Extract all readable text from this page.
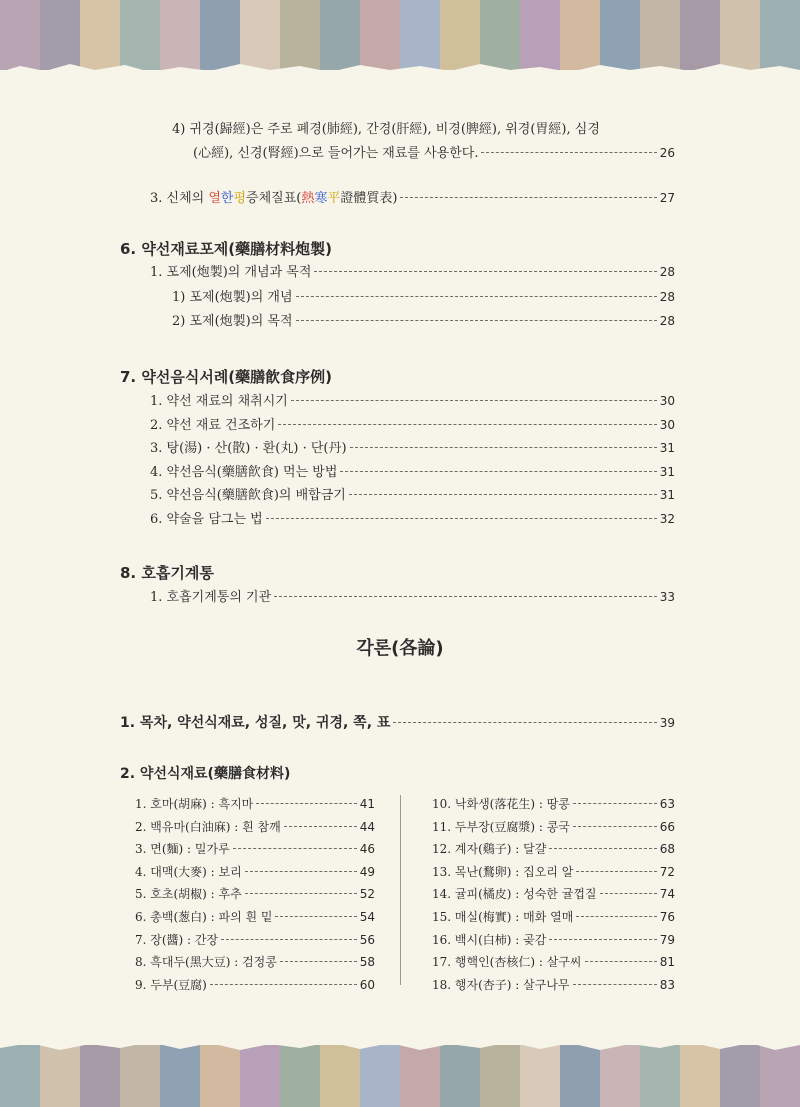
4) 귀경(歸經)은 주로 폐경(肺經), 간경(肝經), 비경(脾經), 위경(胃經), 심경
(心經), 신경(腎經)으로 들어가는 재료를 사용한다.	26
3. 신체의 열한평증체질표(熱寒平證體質表)	27
6. 약선재료포제(藥膳材料炮製)
1. 포제(炮製)의 개념과 목적	28
1) 포제(炮製)의 개념	28
2) 포제(炮製)의 목적	28
7. 약선음식서례(藥膳飮食序例)
1. 약선 재료의 채취시기	30
2. 약선 재료 건조하기	30
3. 탕(湯) · 산(散) · 환(丸) · 단(丹)	31
4. 약선음식(藥膳飮食) 먹는 방법	31
5. 약선음식(藥膳飮食)의 배합금기	31
6. 약술을 담그는 법	32
8. 호흡기계통
1. 호흡기계통의 기관	33
각론(各論)
1. 목차, 약선식재료, 성질, 맛, 귀경, 쪽, 표	39
2. 약선식재료(藥膳食材料)
1. 호마(胡麻) : 흑지마	41
2. 백유마(白油麻) : 흰 참깨	44
3. 면(麵) : 밀가루	46
4. 대맥(大麥) : 보리	49
5. 호초(胡椒) : 후추	52
6. 총백(葱白) : 파의 흰 밑	54
7. 장(醬) : 간장	56
8. 흑대두(黑大豆) : 검정콩	58
9. 두부(豆腐)	60
10. 낙화생(落花生) : 땅콩	63
11. 두부장(豆腐漿) : 콩국	66
12. 계자(鷄子) : 달걀	68
13. 목난(鶩卵) : 집오리 알	72
14. 귤피(橘皮) : 성숙한 귤껍질	74
15. 매실(梅實) : 매화 열매	76
16. 백시(白柿) : 곶감	79
17. 행핵인(杏核仁) : 살구씨	81
18. 행자(杏子) : 살구나무	83
